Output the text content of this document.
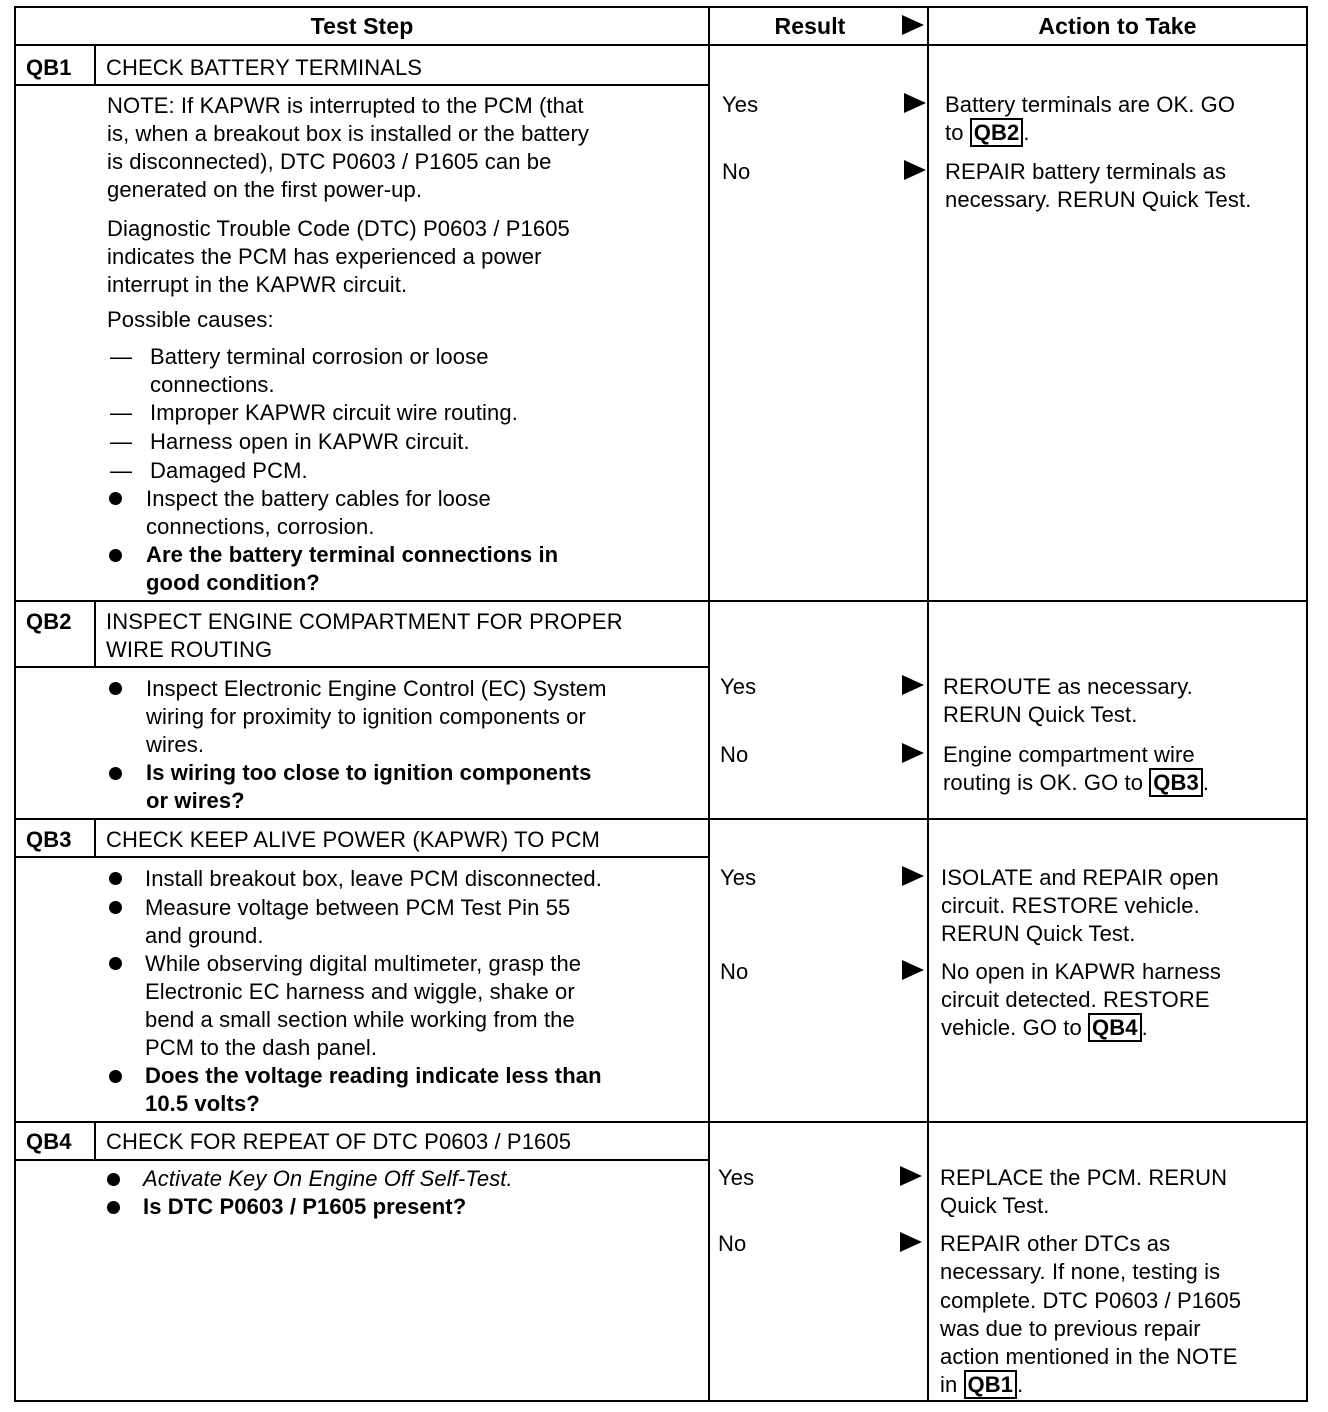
Test Step	Result	Action to Take
QB1 CHECK BATTERY TERMINALS
NOTE: If KAPWR is interrupted to the PCM (that
is, when a breakout box is installed or the battery
is disconnected), DTC P0603 / P1605 can be
generated on the first power-up.
Diagnostic Trouble Code (DTC) P0603 / P1605
indicates the PCM has experienced a power
interrupt in the KAPWR circuit.
Possible causes:
— Battery terminal corrosion or loose
connections.
— Improper KAPWR circuit wire routing.
— Harness open in KAPWR circuit.
— Damaged PCM.
Inspect the battery cables for loose
connections, corrosion.
Are the battery terminal connections in
good condition?
Yes
No
Battery terminals are OK. GO
to QB2 .
REPAIR battery terminals as
necessary. RERUN Quick Test.
QB2 INSPECT ENGINE COMPARTMENT FOR PROPER
WIRE ROUTING
Inspect Electronic Engine Control (EC) System
wiring for proximity to ignition components or
wires.
Is wiring too close to ignition components
or wires?
Yes
No
REROUTE as necessary.
RERUN Quick Test.
Engine compartment wire
routing is OK. GO to QB3 .
QB3 CHECK KEEP ALIVE POWER (KAPWR) TO PCM
Install breakout box, leave PCM disconnected.
Measure voltage between PCM Test Pin 55
and ground.
While observing digital multimeter, grasp the
Electronic EC harness and wiggle, shake or
bend a small section while working from the
PCM to the dash panel.
Does the voltage reading indicate less than
10.5 volts?
Yes
No
ISOLATE and REPAIR open
circuit. RESTORE vehicle.
RERUN Quick Test.
No open in KAPWR harness
circuit detected. RESTORE
vehicle. GO to QB4 .
QB4 CHECK FOR REPEAT OF DTC P0603 / P1605
Activate Key On Engine Off Self-Test.
Is DTC P0603 / P1605 present?
Yes
No
REPLACE the PCM. RERUN
Quick Test.
REPAIR other DTCs as
necessary. If none, testing is
complete. DTC P0603 / P1605
was due to previous repair
action mentioned in the NOTE
in QB1 .
